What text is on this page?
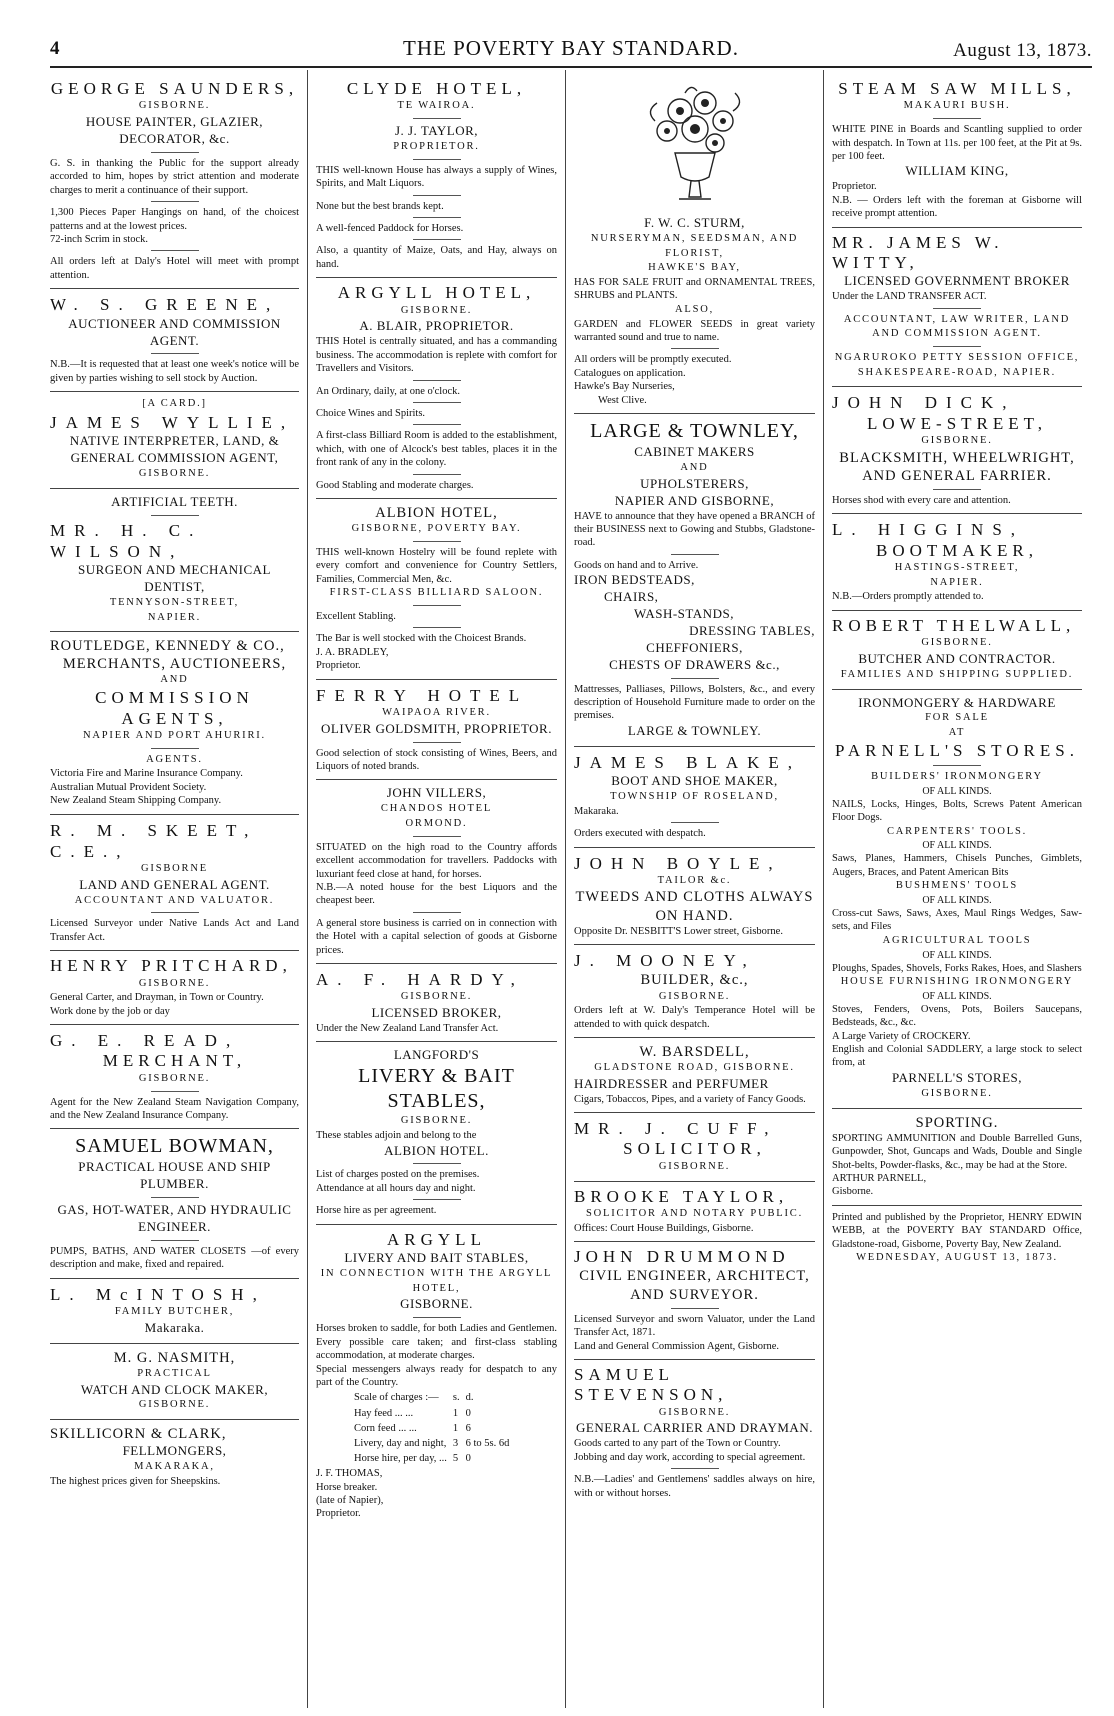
4	THE POVERTY BAY STANDARD.	August 13, 1873.
GEORGE SAUNDERS,
GISBORNE.
HOUSE PAINTER, GLAZIER, DECORATOR, &c.
G. S. in thanking the Public for the support already accorded to him, hopes by strict attention and moderate charges to merit a continuance of their support.
1,300 Pieces Paper Hangings on hand, of the choicest patterns and at the lowest prices.
72-inch Scrim in stock.
All orders left at Daly's Hotel will meet with prompt attention.
W. S. GREENE,
AUCTIONEER AND COMMISSION AGENT.
N.B.—It is requested that at least one week's notice will be given by parties wishing to sell stock by Auction.
[A CARD.]
JAMES WYLLIE,
NATIVE INTERPRETER, LAND, & GENERAL COMMISSION AGENT,
GISBORNE.
ARTIFICIAL TEETH.
MR. H. C. WILSON,
SURGEON AND MECHANICAL DENTIST,
TENNYSON-STREET,
NAPIER.
ROUTLEDGE, KENNEDY & CO.,
MERCHANTS, AUCTIONEERS,
AND
COMMISSION AGENTS,
NAPIER AND PORT AHURIRI.
AGENTS.
Victoria Fire and Marine Insurance Company.
Australian Mutual Provident Society.
New Zealand Steam Shipping Company.
R. M. SKEET, C.E.,
GISBORNE
LAND AND GENERAL AGENT.
ACCOUNTANT AND VALUATOR.
Licensed Surveyor under Native Lands Act and Land Transfer Act.
HENRY PRITCHARD,
GISBORNE.
General Carter, and Drayman, in Town or Country.
Work done by the job or day
G. E. READ,
MERCHANT,
GISBORNE.
Agent for the New Zealand Steam Navigation Company, and the New Zealand Insurance Company.
SAMUEL BOWMAN,
PRACTICAL HOUSE AND SHIP PLUMBER.
GAS, HOT-WATER, AND HYDRAULIC ENGINEER.
PUMPS, BATHS, AND WATER CLOSETS —of every description and make, fixed and repaired.
L. McINTOSH,
FAMILY BUTCHER,
Makaraka.
M. G. NASMITH,
PRACTICAL
WATCH AND CLOCK MAKER,
GISBORNE.
SKILLICORN & CLARK,
FELLMONGERS,
MAKARAKA,
The highest prices given for Sheepskins.
CLYDE HOTEL,
TE WAIROA.
J. J. TAYLOR,
PROPRIETOR.
THIS well-known House has always a supply of Wines, Spirits, and Malt Liquors.
None but the best brands kept.
A well-fenced Paddock for Horses.
Also, a quantity of Maize, Oats, and Hay, always on hand.
ARGYLL HOTEL,
GISBORNE.
A. BLAIR, PROPRIETOR.
THIS Hotel is centrally situated, and has a commanding business. The accommodation is replete with comfort for Travellers and Visitors.
An Ordinary, daily, at one o'clock.
Choice Wines and Spirits.
A first-class Billiard Room is added to the establishment, which, with one of Alcock's best tables, places it in the front rank of any in the colony.
Good Stabling and moderate charges.
ALBION HOTEL,
GISBORNE, POVERTY BAY.
THIS well-known Hostelry will be found replete with every comfort and convenience for Country Settlers, Families, Commercial Men, &c.
FIRST-CLASS BILLIARD SALOON.
Excellent Stabling.
The Bar is well stocked with the Choicest Brands.
J. A. BRADLEY,
Proprietor.
FERRY HOTEL
WAIPAOA RIVER.
OLIVER GOLDSMITH, PROPRIETOR.
Good selection of stock consisting of Wines, Beers, and Liquors of noted brands.
JOHN VILLERS,
CHANDOS HOTEL
ORMOND.
SITUATED on the high road to the Country affords excellent accommodation for travellers. Paddocks with luxuriant feed close at hand, for horses.
N.B.—A noted house for the best Liquors and the cheapest beer.
A general store business is carried on in connection with the Hotel with a capital selection of goods at Gisborne prices.
A. F. HARDY,
GISBORNE.
LICENSED BROKER,
Under the New Zealand Land Transfer Act.
LANGFORD'S
LIVERY & BAIT STABLES,
GISBORNE.
These stables adjoin and belong to the
ALBION HOTEL.
List of charges posted on the premises.
Attendance at all hours day and night.
Horse hire as per agreement.
ARGYLL
LIVERY AND BAIT STABLES,
IN CONNECTION WITH THE ARGYLL HOTEL,
GISBORNE.
Horses broken to saddle, for both Ladies and Gentlemen. Every possible care taken; and first-class stabling accommodation, at moderate charges.
Special messengers always ready for despatch to any part of the Country.
Scale of charges :—	s.	d.
Hay feed ... ...	1	0
Corn feed ... ...	1	6
Livery, day and night,	3	6 to 5s. 6d
Horse hire, per day, ...	5	0
J. F. THOMAS,
Horse breaker.
(late of Napier),
Proprietor.
F. W. C. STURM,
NURSERYMAN, SEEDSMAN, AND FLORIST,
HAWKE'S BAY,
HAS FOR SALE FRUIT and ORNAMENTAL TREES, SHRUBS and PLANTS.
ALSO,
GARDEN and FLOWER SEEDS in great variety warranted sound and true to name.
All orders will be promptly executed.
Catalogues on application.
Hawke's Bay Nurseries,
West Clive.
LARGE & TOWNLEY,
CABINET MAKERS
AND
UPHOLSTERERS,
NAPIER AND GISBORNE,
HAVE to announce that they have opened a BRANCH of their BUSINESS next to Gowing and Stubbs, Gladstone-road.
Goods on hand and to Arrive.
IRON BEDSTEADS,
CHAIRS,
WASH-STANDS,
DRESSING TABLES,
CHEFFONIERS,
CHESTS OF DRAWERS &c.,
Mattresses, Palliases, Pillows, Bolsters, &c., and every description of Household Furniture made to order on the premises.
LARGE & TOWNLEY.
JAMES BLAKE,
BOOT AND SHOE MAKER,
TOWNSHIP OF ROSELAND,
Makaraka.
Orders executed with despatch.
JOHN BOYLE,
TAILOR &c.
TWEEDS AND CLOTHS ALWAYS ON HAND.
Opposite Dr. NESBITT'S Lower street, Gisborne.
J. MOONEY,
BUILDER, &c.,
GISBORNE.
Orders left at W. Daly's Temperance Hotel will be attended to with quick despatch.
W. BARSDELL,
GLADSTONE ROAD, GISBORNE.
HAIRDRESSER and PERFUMER
Cigars, Tobaccos, Pipes, and a variety of Fancy Goods.
MR. J. CUFF,
SOLICITOR,
GISBORNE.
BROOKE TAYLOR,
SOLICITOR AND NOTARY PUBLIC.
Offices: Court House Buildings, Gisborne.
JOHN DRUMMOND
CIVIL ENGINEER, ARCHITECT, AND SURVEYOR.
Licensed Surveyor and sworn Valuator, under the Land Transfer Act, 1871.
Land and General Commission Agent, Gisborne.
SAMUEL STEVENSON,
GISBORNE.
GENERAL CARRIER AND DRAYMAN.
Goods carted to any part of the Town or Country.
Jobbing and day work, according to special agreement.
N.B.—Ladies' and Gentlemens' saddles always on hire, with or without horses.
STEAM SAW MILLS,
MAKAURI BUSH.
WHITE PINE in Boards and Scantling supplied to order with despatch. In Town at 11s. per 100 feet, at the Pit at 9s. per 100 feet.
WILLIAM KING,
Proprietor.
N.B. — Orders left with the foreman at Gisborne will receive prompt attention.
MR. JAMES W. WITTY,
LICENSED GOVERNMENT BROKER
Under the LAND TRANSFER ACT.
ACCOUNTANT, LAW WRITER, LAND AND COMMISSION AGENT.
NGARUROKO PETTY SESSION OFFICE, SHAKESPEARE-ROAD, NAPIER.
JOHN DICK,
LOWE-STREET,
GISBORNE.
BLACKSMITH, WHEELWRIGHT, AND GENERAL FARRIER.
Horses shod with every care and attention.
L. HIGGINS,
BOOTMAKER,
HASTINGS-STREET,
NAPIER.
N.B.—Orders promptly attended to.
ROBERT THELWALL,
GISBORNE.
BUTCHER AND CONTRACTOR.
FAMILIES AND SHIPPING SUPPLIED.
IRONMONGERY & HARDWARE
FOR SALE
AT
PARNELL'S STORES.
BUILDERS' IRONMONGERY
OF ALL KINDS.
NAILS, Locks, Hinges, Bolts, Screws Patent American Floor Dogs.
CARPENTERS' TOOLS.
OF ALL KINDS.
Saws, Planes, Hammers, Chisels Punches, Gimblets, Augers, Braces, and Patent American Bits
BUSHMENS' TOOLS
OF ALL KINDS.
Cross-cut Saws, Saws, Axes, Maul Rings Wedges, Saw-sets, and Files
AGRICULTURAL TOOLS
OF ALL KINDS.
Ploughs, Spades, Shovels, Forks Rakes, Hoes, and Slashers
HOUSE FURNISHING IRONMONGERY
OF ALL KINDS.
Stoves, Fenders, Ovens, Pots, Boilers Saucepans, Bedsteads, &c., &c.
A Large Variety of CROCKERY.
English and Colonial SADDLERY, a large stock to select from, at
PARNELL'S STORES,
GISBORNE.
SPORTING.
SPORTING AMMUNITION and Double Barrelled Guns, Gunpowder, Shot, Guncaps and Wads, Double and Single Shot-belts, Powder-flasks, &c., may be had at the Store.
ARTHUR PARNELL,
Gisborne.
Printed and published by the Proprietor, HENRY EDWIN WEBB, at the POVERTY BAY STANDARD Office, Gladstone-road, Gisborne, Poverty Bay, New Zealand.
WEDNESDAY, AUGUST 13, 1873.
